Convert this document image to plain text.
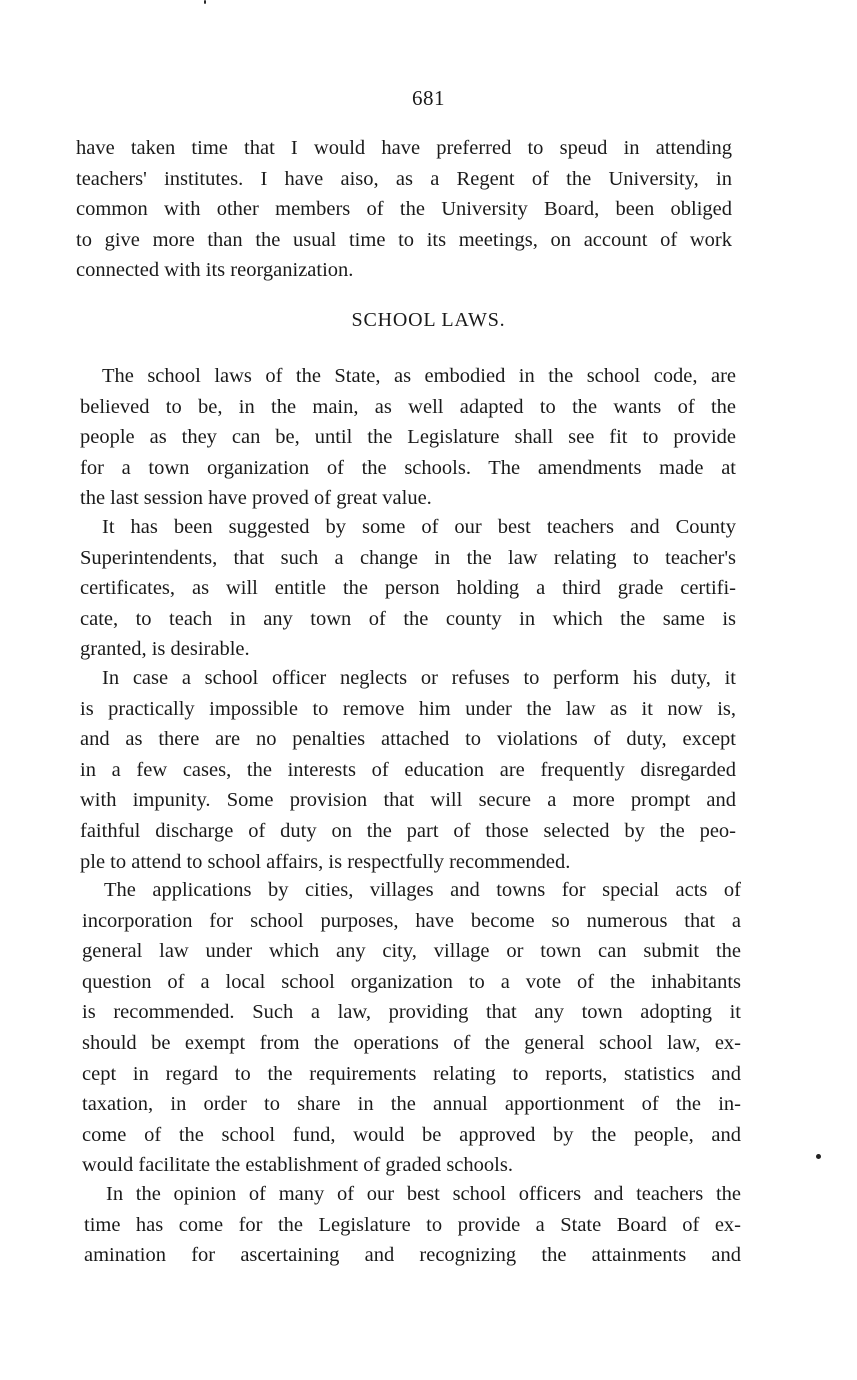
681
have taken time that I would have preferred to speud in attending
teachers' institutes. I have aiso, as a Regent of the University, in
common with other members of the University Board, been obliged
to give more than the usual time to its meetings, on account of work
connected with its reorganization.
SCHOOL LAWS.
The school laws of the State, as embodied in the school code, are
believed to be, in the main, as well adapted to the wants of the
people as they can be, until the Legislature shall see fit to provide
for a town organization of the schools. The amendments made at
the last session have proved of great value.
It has been suggested by some of our best teachers and County
Superintendents, that such a change in the law relating to teacher's
certificates, as will entitle the person holding a third grade certifi-
cate, to teach in any town of the county in which the same is
granted, is desirable.
In case a school officer neglects or refuses to perform his duty, it
is practically impossible to remove him under the law as it now is,
and as there are no penalties attached to violations of duty, except
in a few cases, the interests of education are frequently disregarded
with impunity. Some provision that will secure a more prompt and
faithful discharge of duty on the part of those selected by the peo-
ple to attend to school affairs, is respectfully recommended.
The applications by cities, villages and towns for special acts of
incorporation for school purposes, have become so numerous that a
general law under which any city, village or town can submit the
question of a local school organization to a vote of the inhabitants
is recommended. Such a law, providing that any town adopting it
should be exempt from the operations of the general school law, ex-
cept in regard to the requirements relating to reports, statistics and
taxation, in order to share in the annual apportionment of the in-
come of the school fund, would be approved by the people, and
would facilitate the establishment of graded schools.
In the opinion of many of our best school officers and teachers the
time has come for the Legislature to provide a State Board of ex-
amination for ascertaining and recognizing the attainments and
